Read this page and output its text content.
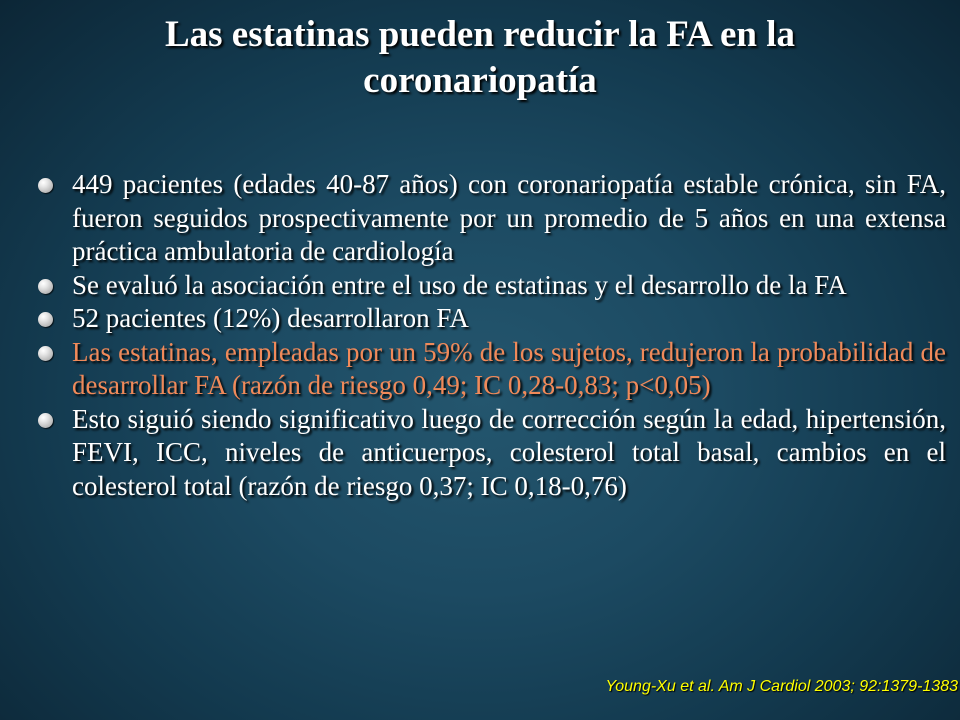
Las estatinas pueden reducir la FA en la coronariopatía
449 pacientes (edades 40-87 años) con coronariopatía estable crónica, sin FA, fueron seguidos prospectivamente por un promedio de 5 años en una extensa práctica ambulatoria de cardiología
Se evaluó la asociación entre el uso de estatinas y el desarrollo de la FA
52 pacientes (12%) desarrollaron FA
Las estatinas, empleadas por un 59% de los sujetos, redujeron la probabilidad de desarrollar FA (razón de riesgo 0,49; IC 0,28-0,83; p<0,05)
Esto siguió siendo significativo luego de corrección según la edad, hipertensión, FEVI, ICC, niveles de anticuerpos, colesterol total basal, cambios en el colesterol total (razón de riesgo 0,37; IC 0,18-0,76)
Young-Xu et al. Am J Cardiol 2003; 92:1379-1383
